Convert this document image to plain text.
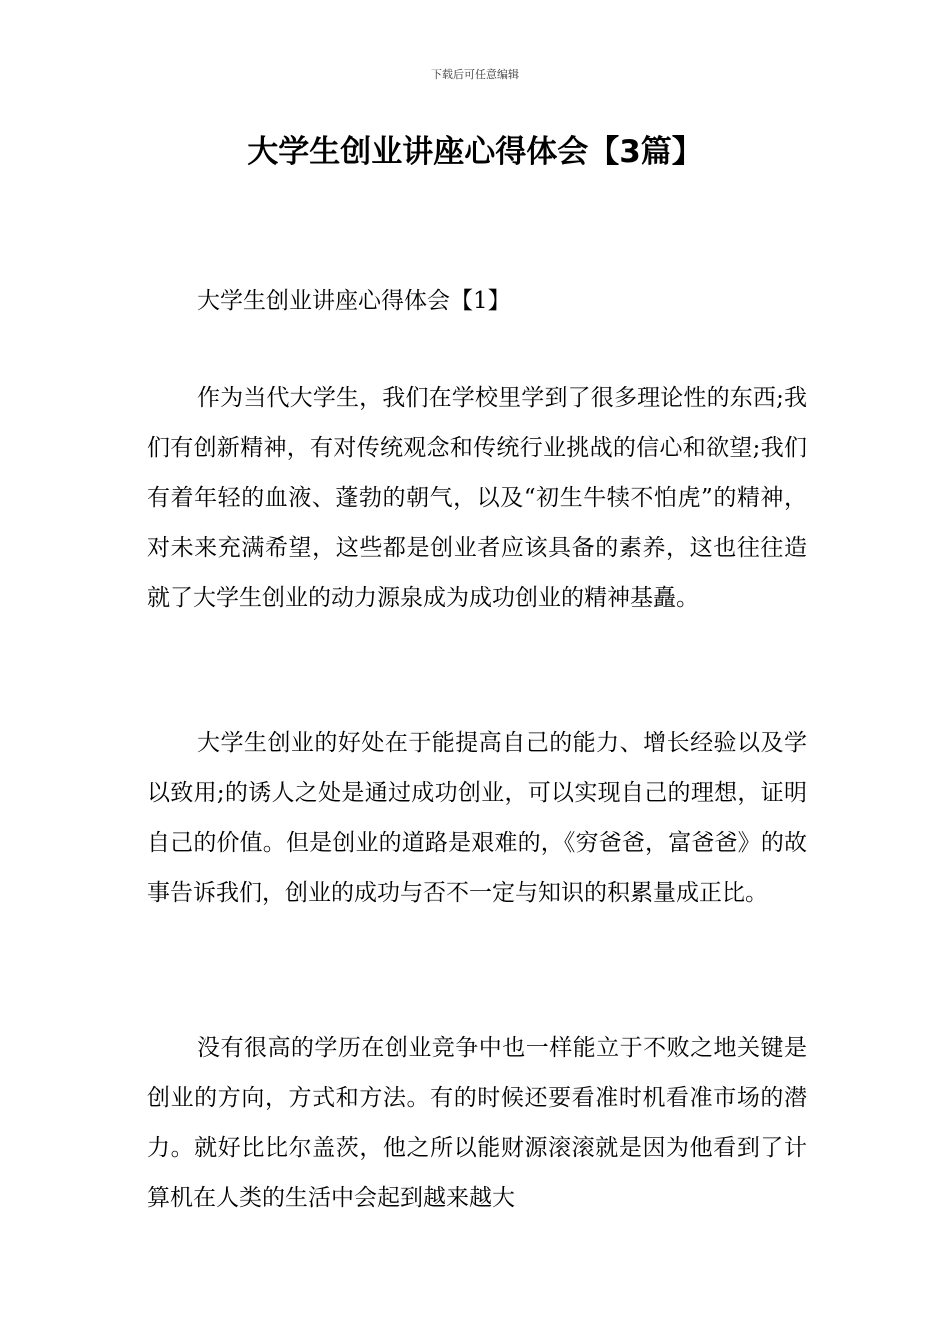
下载后可任意编辑
大学生创业讲座心得体会【3篇】
大学生创业讲座心得体会【1】

作为当代大学生，我们在学校里学到了很多理论性的东西;我们有创新精神，有对传统观念和传统行业挑战的信心和欲望;我们有着年轻的血液、蓬勃的朝气，以及“初生牛犊不怕虎”的精神，对未来充满希望，这些都是创业者应该具备的素养，这也往往造就了大学生创业的动力源泉成为成功创业的精神基矗。

大学生创业的好处在于能提高自己的能力、增长经验以及学以致用;的诱人之处是通过成功创业，可以实现自己的理想，证明自己的价值。但是创业的道路是艰难的，《穷爸爸，富爸爸》的故事告诉我们，创业的成功与否不一定与知识的积累量成正比。

没有很高的学历在创业竞争中也一样能立于不败之地关键是创业的方向，方式和方法。有的时候还要看准时机看准市场的潜力。就好比比尔盖茨，他之所以能财源滚滚就是因为他看到了计算机在人类的生活中会起到越来越大
